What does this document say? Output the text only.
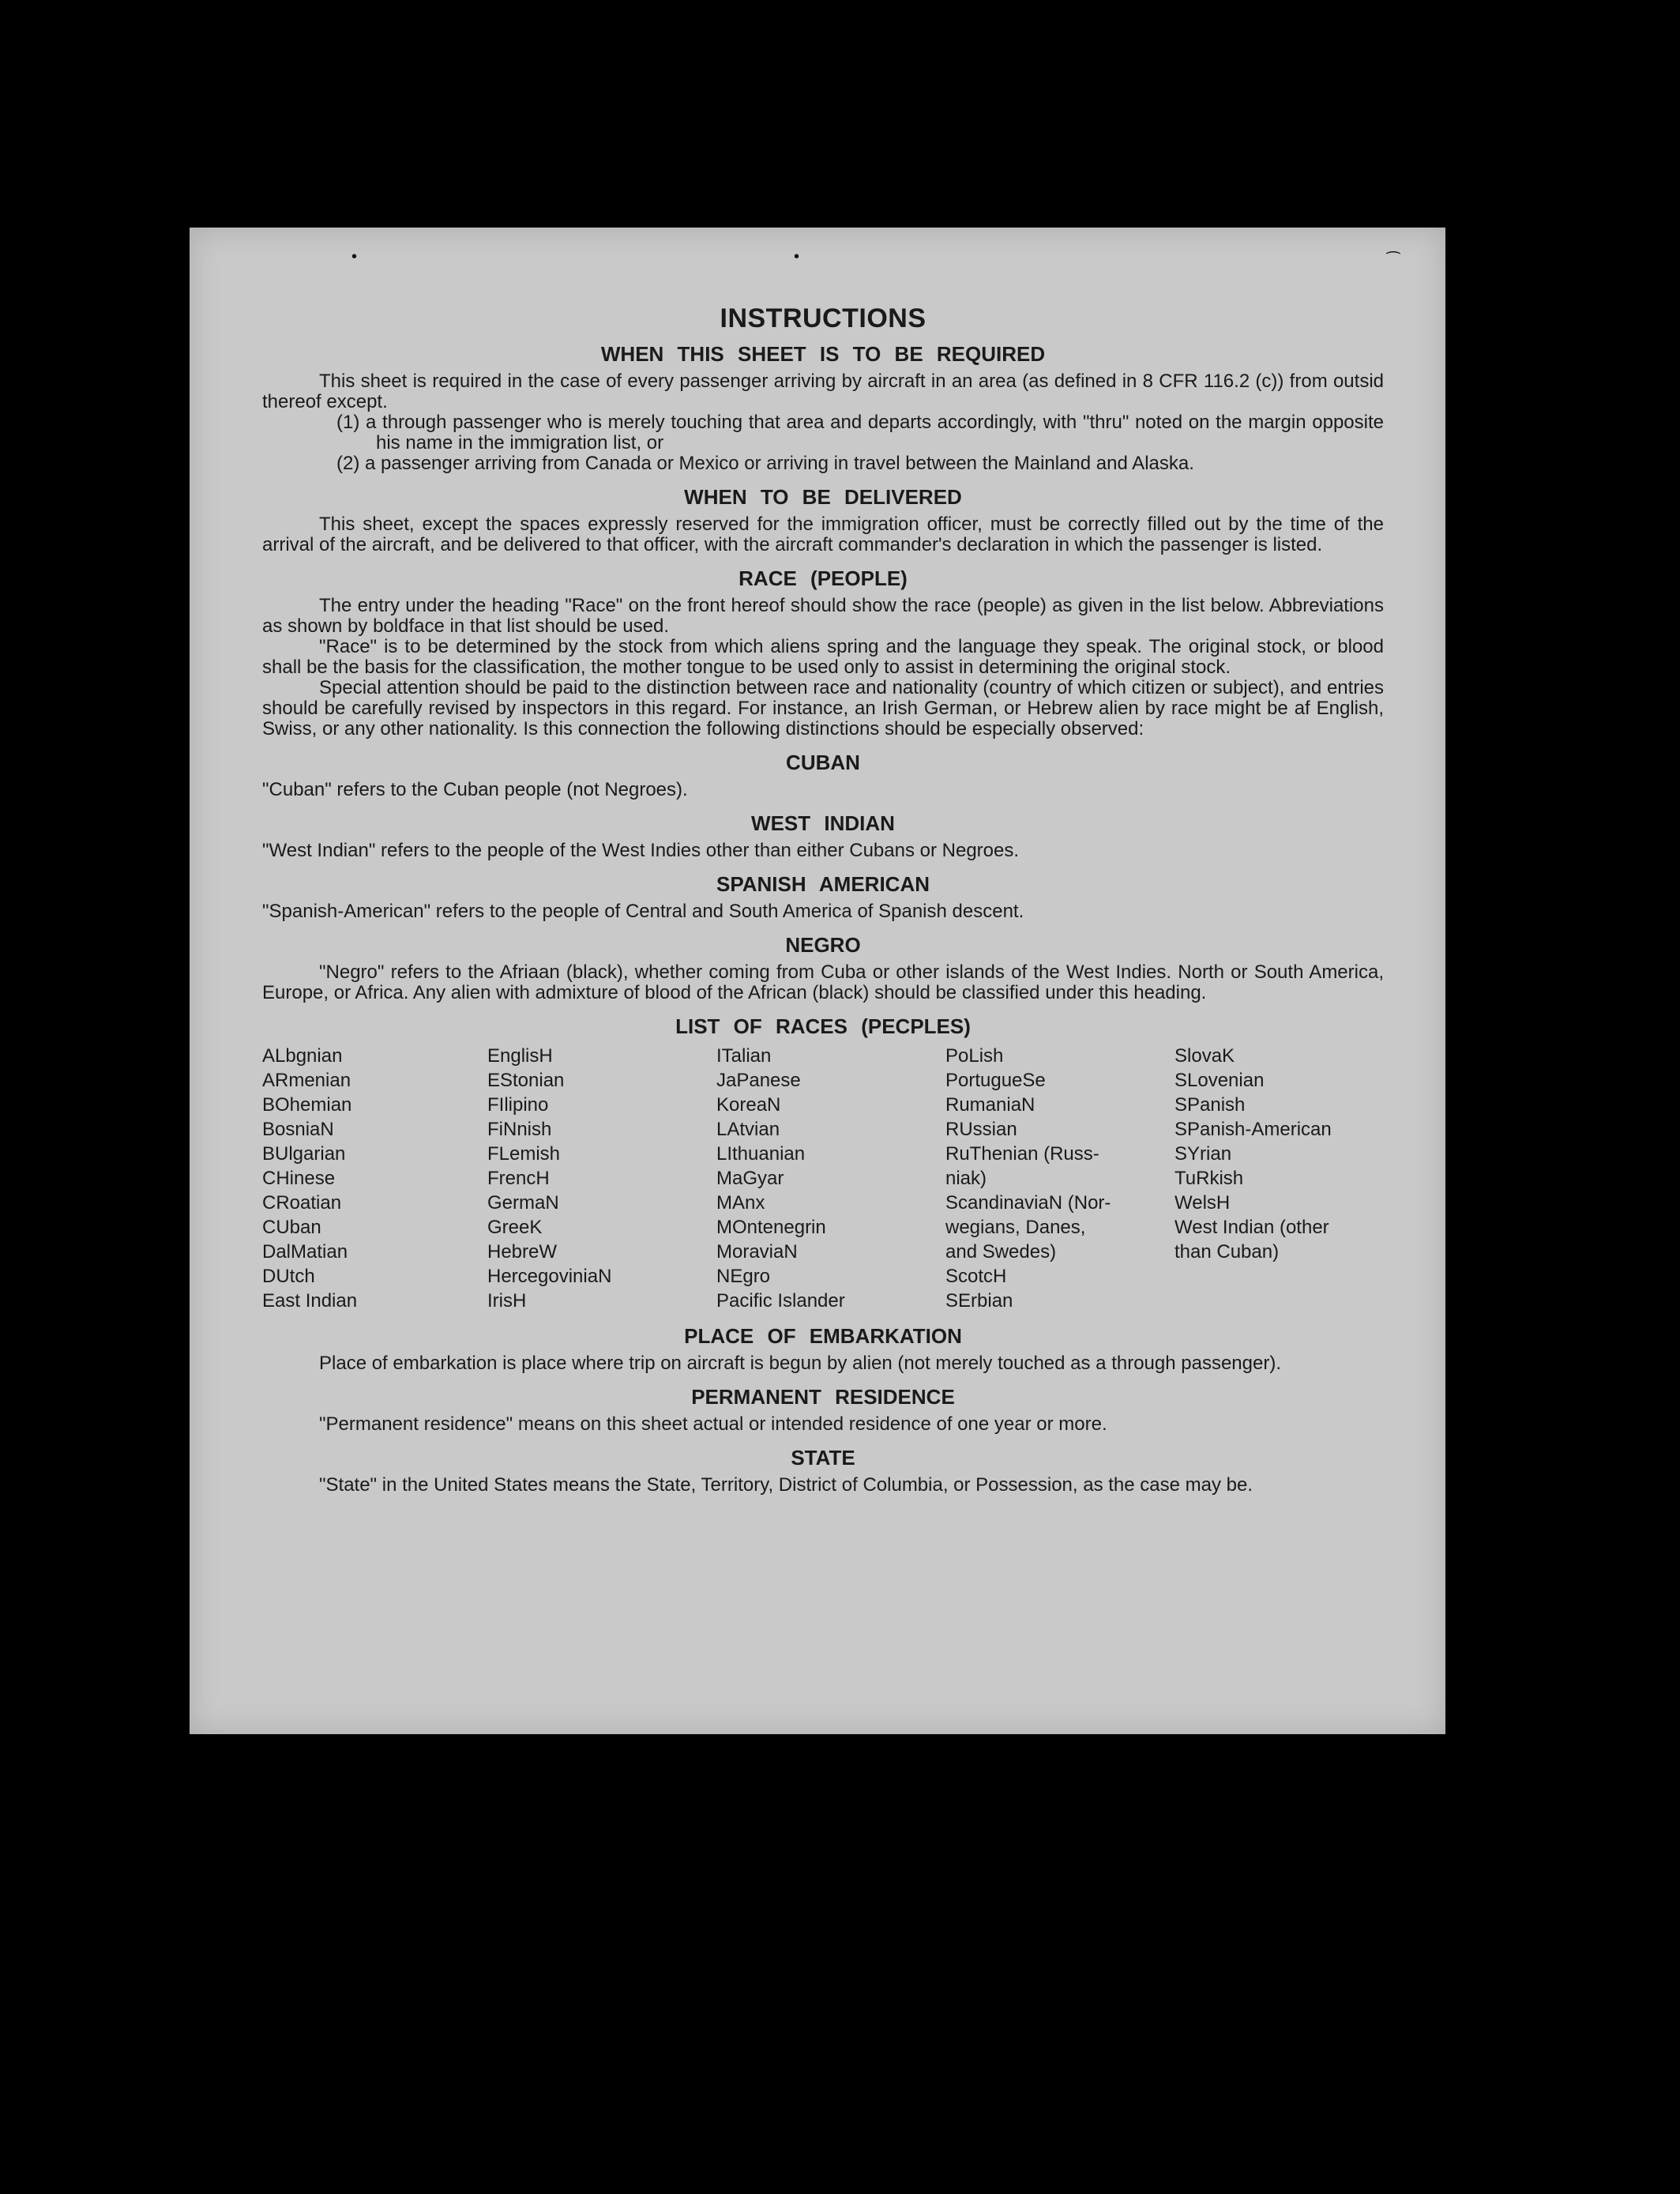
INSTRUCTIONS
WHEN THIS SHEET IS TO BE REQUIRED

This sheet is required in the case of every passenger arriving by aircraft in an area (as defined in 8 CFR 116.2 (c)) from outsid thereof except.

(1) a through passenger who is merely touching that area and departs accordingly, with "thru" noted on the margin opposite his name in the immigration list, or

(2) a passenger arriving from Canada or Mexico or arriving in travel between the Mainland and Alaska.

WHEN TO BE DELIVERED

This sheet, except the spaces expressly reserved for the immigration officer, must be correctly filled out by the time of the arrival of the aircraft, and be delivered to that officer, with the aircraft commander's declaration in which the passenger is listed.

RACE (PEOPLE)

The entry under the heading "Race" on the front hereof should show the race (people) as given in the list below. Abbreviations as shown by boldface in that list should be used.

"Race" is to be determined by the stock from which aliens spring and the language they speak. The original stock, or blood shall be the basis for the classification, the mother tongue to be used only to assist in determining the original stock.

Special attention should be paid to the distinction between race and nationality (country of which citizen or subject), and entries should be carefully revised by inspectors in this regard. For instance, an Irish German, or Hebrew alien by race might be af English, Swiss, or any other nationality. Is this connection the following distinctions should be especially observed:

CUBAN

"Cuban" refers to the Cuban people (not Negroes).

WEST INDIAN

"West Indian" refers to the people of the West Indies other than either Cubans or Negroes.

SPANISH AMERICAN

"Spanish-American" refers to the people of Central and South America of Spanish descent.

NEGRO

"Negro" refers to the Afriaan (black), whether coming from Cuba or other islands of the West Indies. North or South America, Europe, or Africa. Any alien with admixture of blood of the African (black) should be classified under this heading.

LIST OF RACES (PECPLES)
ALbgnian
ARmenian
BOhemian
BosniaN
BUlgarian
CHinese
CRoatian
CUban
DalMatian
DUtch
East Indian
EnglisH
EStonian
FIlipino
FiNnish
FLemish
FrencH
GermaN
GreeK
HebreW
HercegoviniaN
IrisH
ITalian
JaPanese
KoreaN
LAtvian
LIthuanian
MaGyar
MAnx
MOntenegrin
MoraviaN
NEgro
Pacific Islander
PoLish
PortugueSe
RumaniaN
RUssian
RuThenian (Russ-
niak)
ScandinaviaN (Nor-
wegians, Danes,
and Swedes)
ScotcH
SErbian
SlovaK
SLovenian
SPanish
SPanish-American
SYrian
TuRkish
WelsH
West Indian (other
than Cuban)
PLACE OF EMBARKATION

Place of embarkation is place where trip on aircraft is begun by alien (not merely touched as a through passenger).

PERMANENT RESIDENCE

"Permanent residence" means on this sheet actual or intended residence of one year or more.

STATE

"State" in the United States means the State, Territory, District of Columbia, or Possession, as the case may be.

⁀
•	•
